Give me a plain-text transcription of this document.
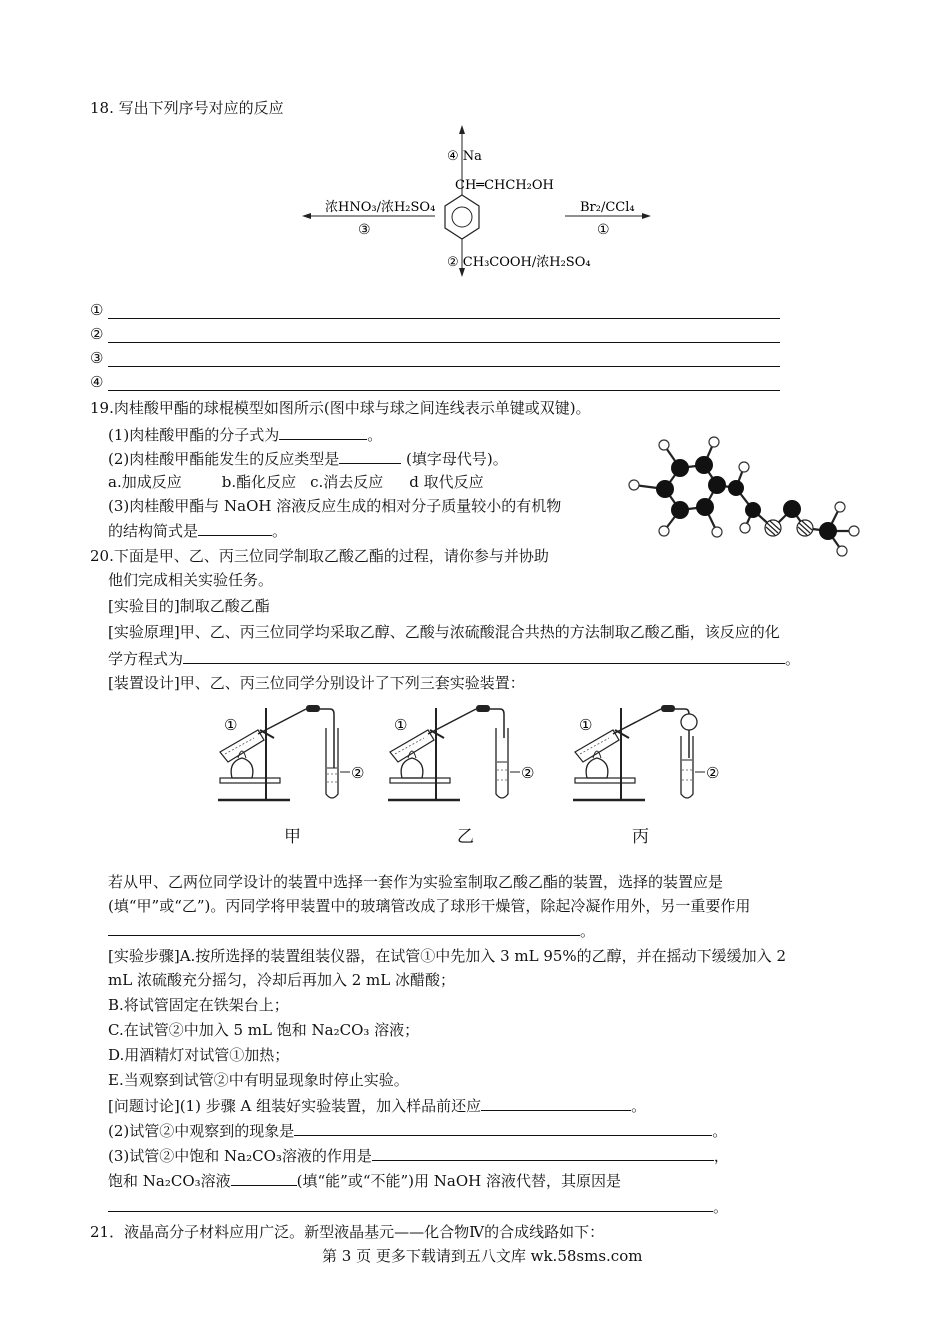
18. 写出下列序号对应的反应
④ Na
CH═CHCH₂OH
浓HNO₃/浓H₂SO₄
③
Br₂/CCl₄
①
② CH₃COOH/浓H₂SO₄
①
②
③
④
19.肉桂酸甲酯的球棍模型如图所示(图中球与球之间连线表示单键或双键)。
(1)肉桂酸甲酯的分子式为	。
(2)肉桂酸甲酯能发生的反应类型是	(填字母代号)。
a.加成反应	b.酯化反应 c.消去反应 d 取代反应
(3)肉桂酸甲酯与 NaOH 溶液反应生成的相对分子质量较小的有机物
的结构简式是	。
20.下面是甲、乙、丙三位同学制取乙酸乙酯的过程，请你参与并协助
他们完成相关实验任务。
[实验目的]制取乙酸乙酯
[实验原理]甲、乙、丙三位同学均采取乙醇、乙酸与浓硫酸混合共热的方法制取乙酸乙酯，该反应的化
学方程式为	。
[装置设计]甲、乙、丙三位同学分别设计了下列三套实验装置：
①
②
①
②
①
②
甲	乙	丙
若从甲、乙两位同学设计的装置中选择一套作为实验室制取乙酸乙酯的装置，选择的装置应是
(填“甲”或“乙”)。丙同学将甲装置中的玻璃管改成了球形干燥管，除起冷凝作用外，另一重要作用
。
[实验步骤]A.按所选择的装置组装仪器，在试管①中先加入 3 mL 95%的乙醇，并在摇动下缓缓加入 2
mL 浓硫酸充分摇匀，冷却后再加入 2 mL 冰醋酸；
B.将试管固定在铁架台上；
C.在试管②中加入 5 mL 饱和 Na₂CO₃ 溶液；
D.用酒精灯对试管①加热；
E.当观察到试管②中有明显现象时停止实验。
[问题讨论](1) 步骤 A 组装好实验装置，加入样品前还应	。
(2)试管②中观察到的现象是	。
(3)试管②中饱和 Na₂CO₃溶液的作用是	，
饱和 Na₂CO₃溶液	(填“能”或“不能”)用 NaOH 溶液代替，其原因是
。
21．液晶高分子材料应用广泛。新型液晶基元——化合物Ⅳ的合成线路如下：
第 3 页 更多下载请到五八文库 wk.58sms.com
